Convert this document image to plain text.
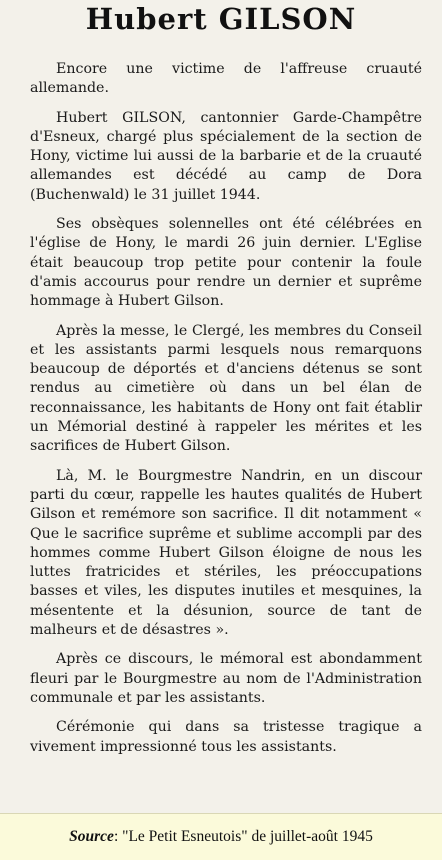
Hubert GILSON

Encore une victime de l'affreuse cruauté allemande.

Hubert GILSON, cantonnier Garde-Champêtre d'Esneux, chargé plus spécialement de la section de Hony, victime lui aussi de la barbarie et de la cruauté allemandes est décédé au camp de Dora (Buchenwald) le 31 juillet 1944.

Ses obsèques solennelles ont été célébrées en l'église de Hony, le mardi 26 juin dernier. L'Eglise était beaucoup trop petite pour contenir la foule d'amis accourus pour rendre un dernier et suprême hommage à Hubert Gilson.

Après la messe, le Clergé, les membres du Conseil et les assistants parmi lesquels nous remarquons beaucoup de déportés et d'anciens détenus se sont rendus au cimetière où dans un bel élan de reconnaissance, les habitants de Hony ont fait établir un Mémorial destiné à rappeler les mérites et les sacrifices de Hubert Gilson.

Là, M. le Bourgmestre Nandrin, en un discour parti du cœur, rappelle les hautes qualités de Hubert Gilson et remémore son sacrifice. Il dit notamment « Que le sacrifice suprême et sublime accompli par des hommes comme Hubert Gilson éloigne de nous les luttes fratricides et stériles, les préoccupations basses et viles, les disputes inutiles et mesquines, la mésentente et la désunion, source de tant de malheurs et de désastres ».

Après ce discours, le mémoral est abondamment fleuri par le Bourgmestre au nom de l'Administration communale et par les assistants.

Cérémonie qui dans sa tristesse tragique a vivement impressionné tous les assistants.

Source : "Le Petit Esneutois" de juillet-août 1945
